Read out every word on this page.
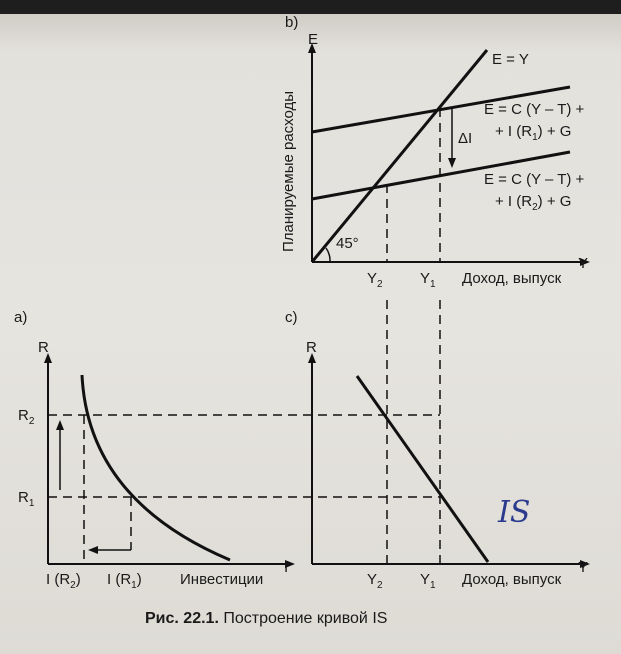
b)
E
Y
Планируемые расходы
Доход, выпуск
E = Y
45°
E = C (Y – T) +
+ I $(R_1) + G$
E = C (Y – T) +
+ I $(R_2) + G$
ΔI
$Y_2$ $Y_1$
a)
R
I
$R_2$
$R_1$
I $(R_2)$ I $(R_1)$	Инвестиции
c)
R
Y
$Y_2$ $Y_1$ Доход, выпуск
IS
Рис. 22.1. Построение кривой IS
